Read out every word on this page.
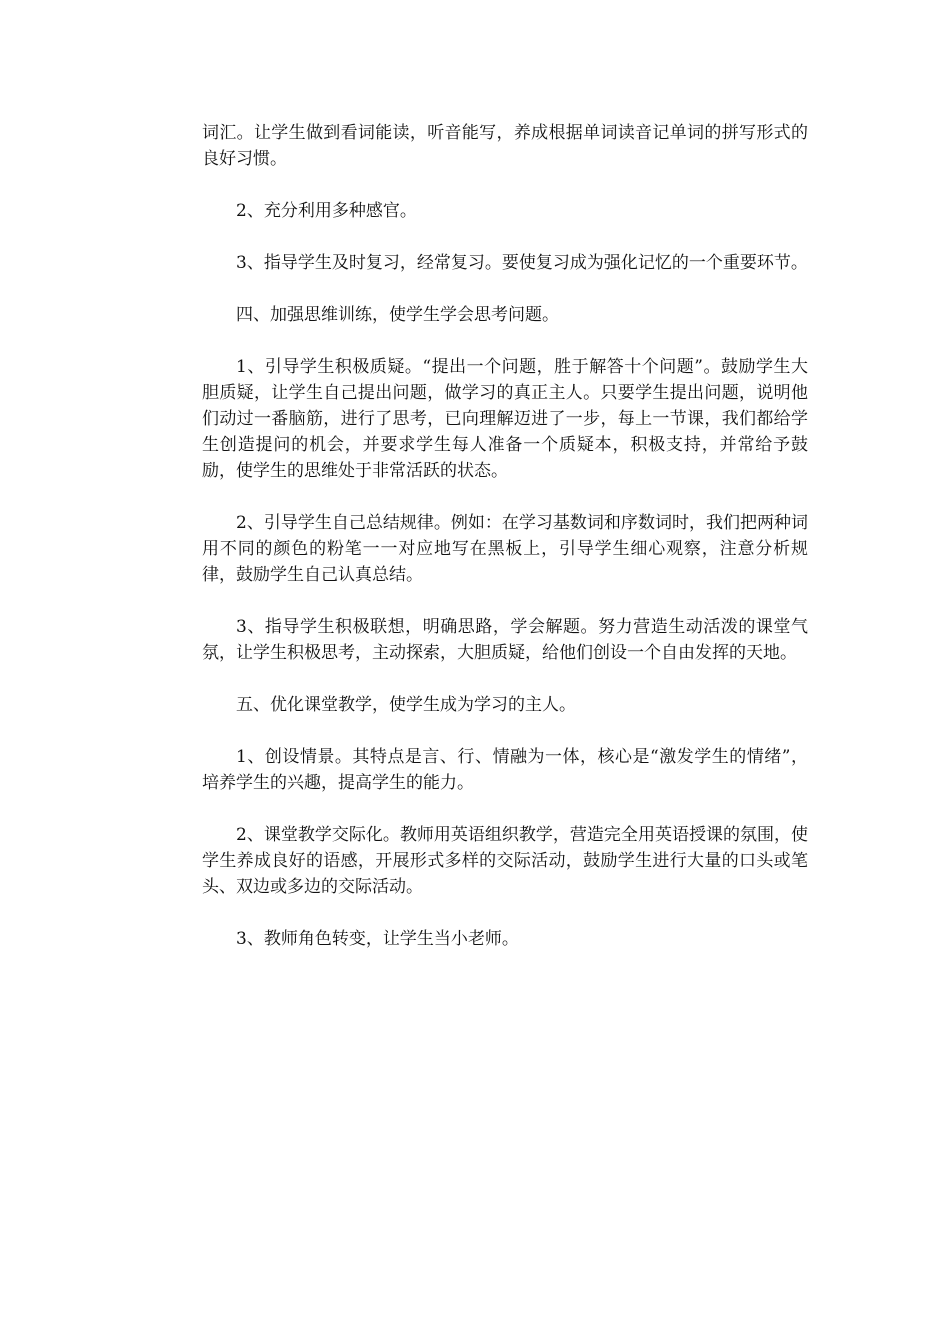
词汇。让学生做到看词能读，听音能写，养成根据单词读音记单词的拼写形式的良好习惯。

2、充分利用多种感官。

3、指导学生及时复习，经常复习。要使复习成为强化记忆的一个重要环节。

四、加强思维训练，使学生学会思考问题。

1、引导学生积极质疑。“提出一个问题，胜于解答十个问题”。鼓励学生大胆质疑，让学生自己提出问题，做学习的真正主人。只要学生提出问题，说明他们动过一番脑筋，进行了思考，已向理解迈进了一步，每上一节课，我们都给学生创造提问的机会，并要求学生每人准备一个质疑本，积极支持，并常给予鼓励，使学生的思维处于非常活跃的状态。

2、引导学生自己总结规律。例如：在学习基数词和序数词时，我们把两种词用不同的颜色的粉笔一一对应地写在黑板上，引导学生细心观察，注意分析规律，鼓励学生自己认真总结。

3、指导学生积极联想，明确思路，学会解题。努力营造生动活泼的课堂气氛，让学生积极思考，主动探索，大胆质疑，给他们创设一个自由发挥的天地。

五、优化课堂教学，使学生成为学习的主人。

1、创设情景。其特点是言、行、情融为一体，核心是“激发学生的情绪”，培养学生的兴趣，提高学生的能力。

2、课堂教学交际化。教师用英语组织教学，营造完全用英语授课的氛围，使学生养成良好的语感，开展形式多样的交际活动，鼓励学生进行大量的口头或笔头、双边或多边的交际活动。

3、教师角色转变，让学生当小老师。
